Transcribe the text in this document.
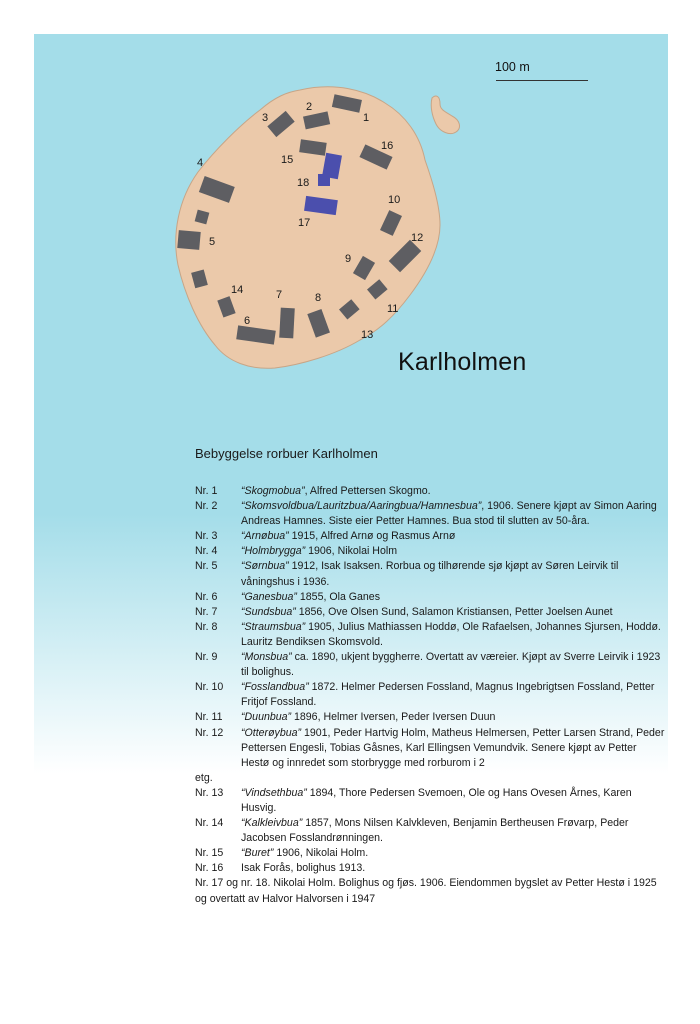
1
2
3
4
5
6
7	8
9
10
11
12
13
14
15
16
17
18
100 m
Karlholmen
Bebyggelse rorbuer Karlholmen
Nr. 1	“Skogmobua”, Alfred Pettersen Skogmo.
Nr. 2	“Skomsvoldbua/Lauritzbua/Aaringbua/Hamnesbua”, 1906. Senere kjøpt av Simon Aaring Andreas Hamnes. Siste eier Petter Hamnes. Bua stod til slutten av 50-åra.
Nr. 3	“Arnøbua” 1915, Alfred Arnø og Rasmus Arnø
Nr. 4	“Holmbrygga” 1906, Nikolai Holm
Nr. 5	“Sørnbua” 1912, Isak Isaksen. Rorbua og tilhørende sjø kjøpt av Søren Leirvik til våningshus i 1936.
Nr. 6	“Ganesbua” 1855, Ola Ganes
Nr. 7	“Sundsbua” 1856, Ove Olsen Sund, Salamon Kristiansen, Petter Joelsen Aunet
Nr. 8	“Straumsbua” 1905, Julius Mathiassen Hoddø, Ole Rafaelsen, Johannes Sjursen, Hoddø. Lauritz Bendiksen Skomsvold.
Nr. 9	“Monsbua” ca. 1890, ukjent byggherre. Overtatt av væreier. Kjøpt av Sverre Leirvik i 1923 til bolighus.
Nr. 10	“Fosslandbua” 1872. Helmer Pedersen Fossland, Magnus Ingebrigtsen Fossland, Petter Fritjof Fossland.
Nr. 11	“Duunbua” 1896, Helmer Iversen, Peder Iversen Duun
Nr. 12	“Otterøybua” 1901, Peder Hartvig Holm, Matheus Helmersen, Petter Larsen Strand, Peder Pettersen Engesli, Tobias Gåsnes, Karl Ellingsen Vemundvik. Senere kjøpt av Petter Hestø og innredet som storbrygge med rorburom i 2
etg.
Nr. 13	“Vindsethbua” 1894, Thore Pedersen Svemoen, Ole og Hans Ovesen Årnes, Karen Husvig.
Nr. 14	“Kalkleivbua” 1857, Mons Nilsen Kalvkleven, Benjamin Bertheusen Frøvarp, Peder Jacobsen Fosslandrønningen.
Nr. 15	“Buret” 1906, Nikolai Holm.
Nr. 16	Isak Forås, bolighus 1913.
Nr. 17 og nr. 18. Nikolai Holm. Bolighus og fjøs. 1906. Eiendommen bygslet av Petter Hestø i 1925 og overtatt av Halvor Halvorsen i 1947
